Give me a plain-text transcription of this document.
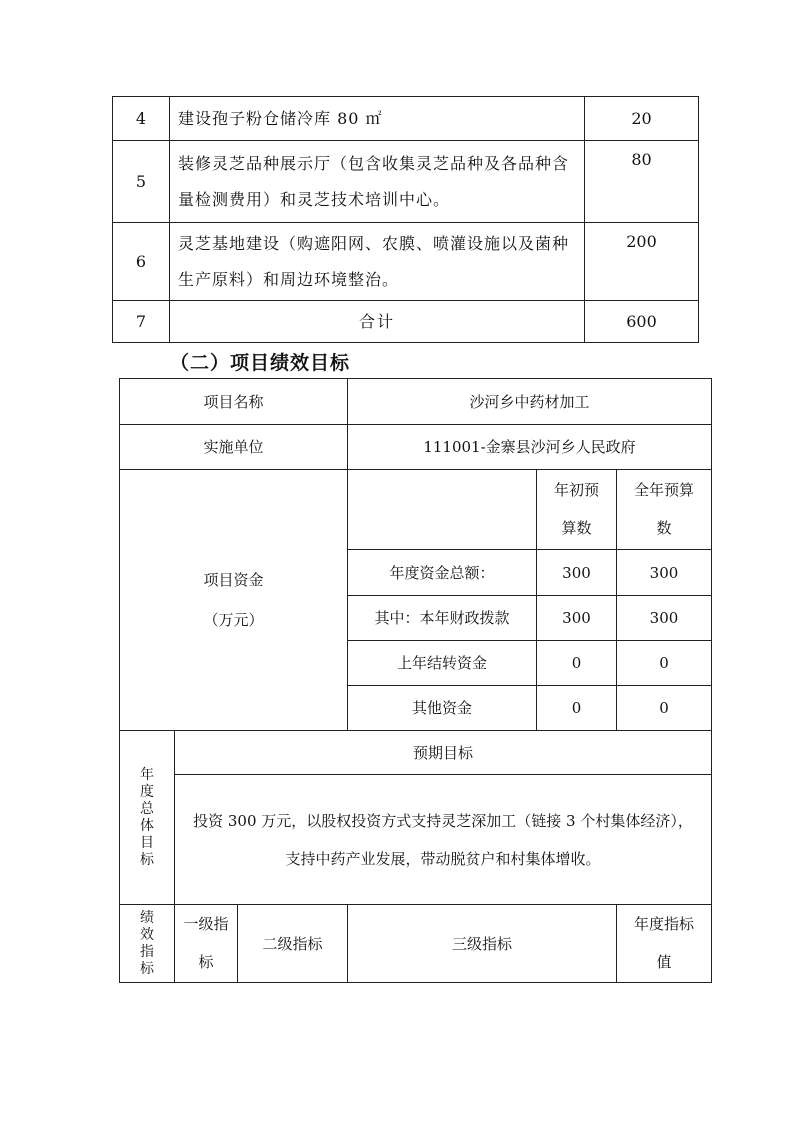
4	建设孢子粉仓储冷库 80 ㎡	20
5	装修灵芝品种展示厅（包含收集灵芝品种及各品种含量检测费用）和灵芝技术培训中心。	80
6	灵芝基地建设（购遮阳网、农膜、喷灌设施以及菌种生产原料）和周边环境整治。	200
7	合计	600
（二）项目绩效目标
项目名称			沙河乡中药材加工		
实施单位			111001-金寨县沙河乡人民政府		

项目资金
（万元）				年初预算数	全年预算数
			年度资金总额：	300	300
			其中：本年财政拨款	300	300
			上年结转资金	0	0
			其他资金	0	0
年度总体目标	预期目标				

	投资 300 万元，以股权投资方式支持灵芝深加工（链接 3 个村集体经济），
支持中药产业发展，带动脱贫户和村集体增收。				

绩效指标	一级指标	二级指标	三级指标		年度指标值
